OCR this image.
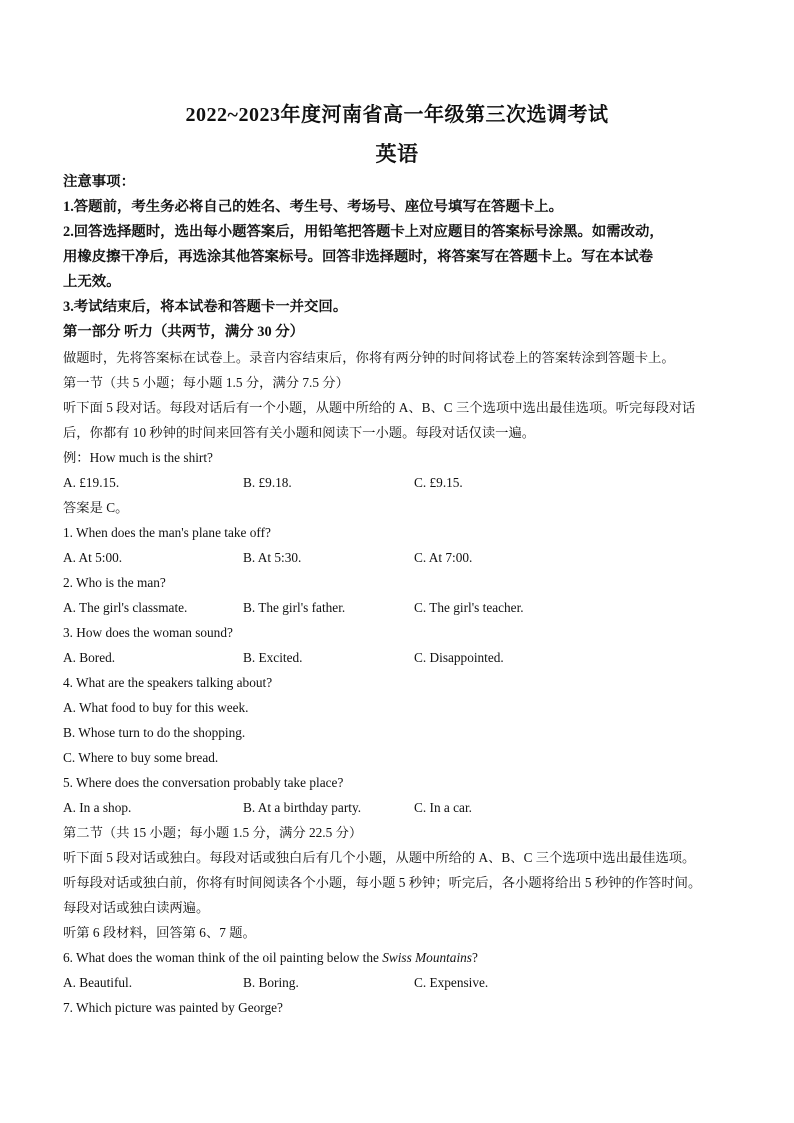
2022~2023年度河南省高一年级第三次选调考试
英语
注意事项：
1.答题前，考生务必将自己的姓名、考生号、考场号、座位号填写在答题卡上。
2.回答选择题时，选出每小题答案后，用铅笔把答题卡上对应题目的答案标号涂黑。如需改动，
用橡皮擦干净后，再选涂其他答案标号。回答非选择题时，将答案写在答题卡上。写在本试卷
上无效。
3.考试结束后，将本试卷和答题卡一并交回。
第一部分 听力（共两节，满分 30 分）
做题时，先将答案标在试卷上。录音内容结束后，你将有两分钟的时间将试卷上的答案转涂到答题卡上。
第一节（共 5 小题；每小题 1.5 分，满分 7.5 分）
听下面 5 段对话。每段对话后有一个小题，从题中所给的 A、B、C 三个选项中选出最佳选项。听完每段对话
后，你都有 10 秒钟的时间来回答有关小题和阅读下一小题。每段对话仅读一遍。
例：How much is the shirt?
A. £19.15.	B. £9.18.	C. £9.15.
答案是 C。
1. When does the man's plane take off?
A. At 5:00.	B. At 5:30.	C. At 7:00.
2. Who is the man?
A. The girl's classmate.	B. The girl's father.	C. The girl's teacher.
3. How does the woman sound?
A. Bored.	B. Excited.	C. Disappointed.
4. What are the speakers talking about?
A. What food to buy for this week.
B. Whose turn to do the shopping.
C. Where to buy some bread.
5. Where does the conversation probably take place?
A. In a shop.	B. At a birthday party.	C. In a car.
第二节（共 15 小题；每小题 1.5 分，满分 22.5 分）
听下面 5 段对话或独白。每段对话或独白后有几个小题，从题中所给的 A、B、C 三个选项中选出最佳选项。
听每段对话或独白前，你将有时间阅读各个小题，每小题 5 秒钟；听完后，各小题将给出 5 秒钟的作答时间。
每段对话或独白读两遍。
听第 6 段材料，回答第 6、7 题。
6. What does the woman think of the oil painting below the Swiss Mountains?
A. Beautiful.	B. Boring.	C. Expensive.
7. Which picture was painted by George?
